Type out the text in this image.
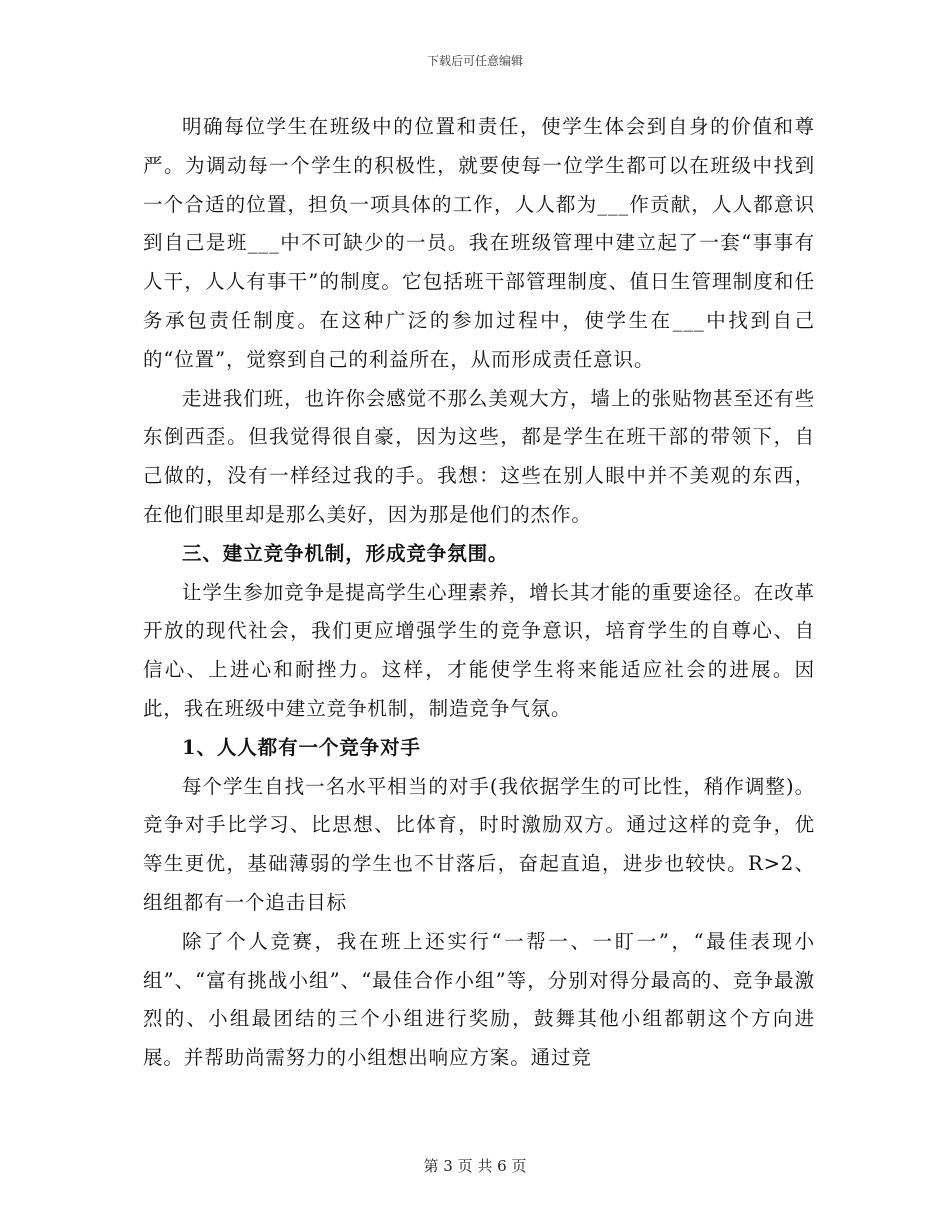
下载后可任意编辑

明确每位学生在班级中的位置和责任，使学生体会到自身的价值和尊严。为调动每一个学生的积极性，就要使每一位学生都可以在班级中找到一个合适的位置，担负一项具体的工作，人人都为___作贡献，人人都意识到自己是班___中不可缺少的一员。我在班级管理中建立起了一套“事事有人干，人人有事干”的制度。它包括班干部管理制度、值日生管理制度和任务承包责任制度。在这种广泛的参加过程中，使学生在___中找到自己的“位置”，觉察到自己的利益所在，从而形成责任意识。

走进我们班，也许你会感觉不那么美观大方，墙上的张贴物甚至还有些东倒西歪。但我觉得很自豪，因为这些，都是学生在班干部的带领下，自己做的，没有一样经过我的手。我想：这些在别人眼中并不美观的东西，在他们眼里却是那么美好，因为那是他们的杰作。

三、建立竞争机制，形成竞争氛围。

让学生参加竞争是提高学生心理素养，增长其才能的重要途径。在改革开放的现代社会，我们更应增强学生的竞争意识，培育学生的自尊心、自信心、上进心和耐挫力。这样，才能使学生将来能适应社会的进展。因此，我在班级中建立竞争机制，制造竞争气氛。

1、人人都有一个竞争对手

每个学生自找一名水平相当的对手(我依据学生的可比性，稍作调整)。竞争对手比学习、比思想、比体育，时时激励双方。通过这样的竞争，优等生更优，基础薄弱的学生也不甘落后，奋起直追，进步也较快。R>2、组组都有一个追击目标

除了个人竞赛，我在班上还实行“一帮一、一盯一”，“最佳表现小组”、“富有挑战小组”、“最佳合作小组”等，分别对得分最高的、竞争最激烈的、小组最团结的三个小组进行奖励，鼓舞其他小组都朝这个方向进展。并帮助尚需努力的小组想出响应方案。通过竞

第 3 页 共 6 页
